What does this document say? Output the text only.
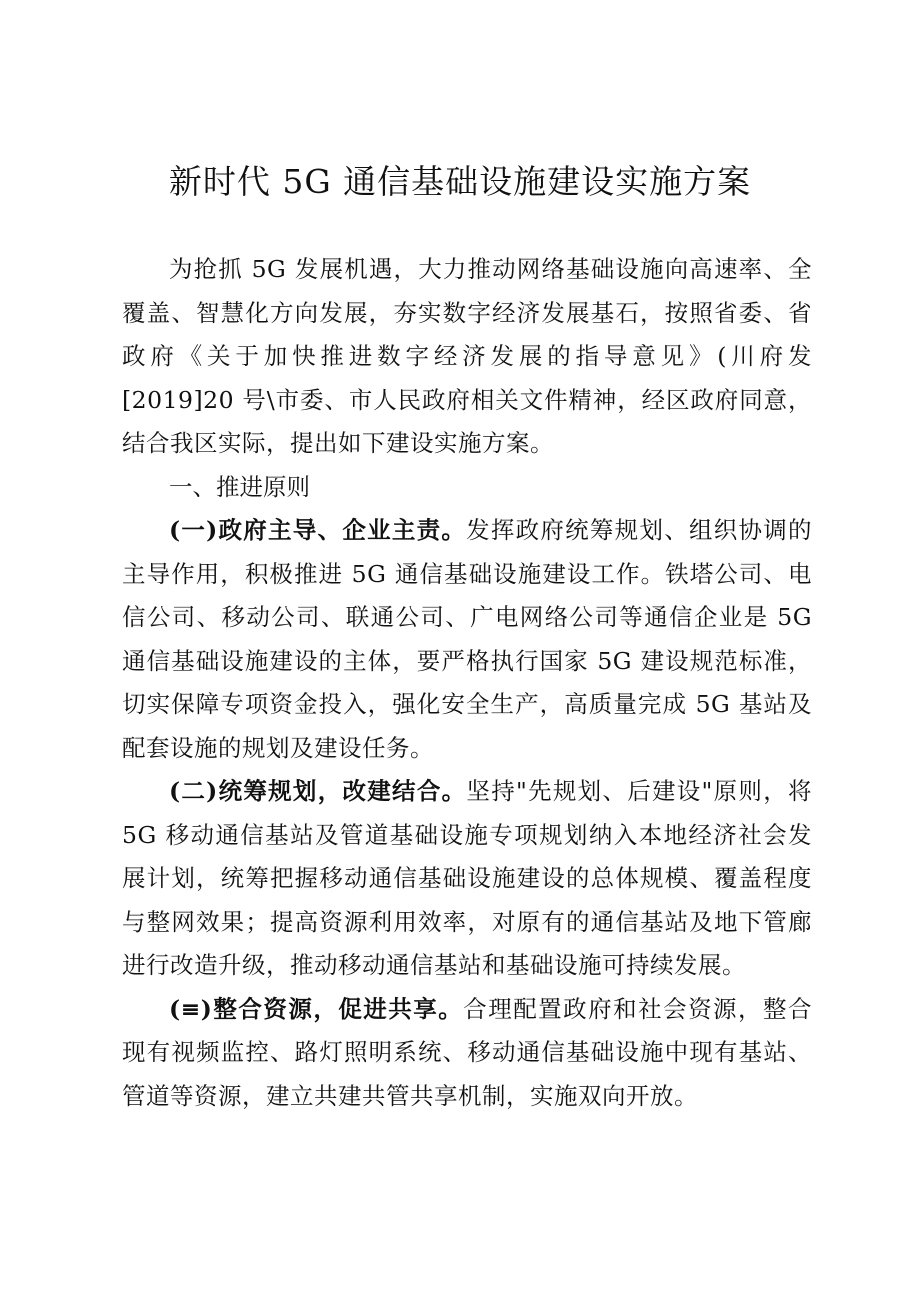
新时代 5G 通信基础设施建设实施方案

为抢抓 5G 发展机遇，大力推动网络基础设施向高速率、全覆盖、智慧化方向发展，夯实数字经济发展基石，按照省委、省政府《关于加快推进数字经济发展的指导意见》(川府发[2019]20 号\市委、市人民政府相关文件精神，经区政府同意，结合我区实际，提出如下建设实施方案。

一、推进原则

(一)政府主导、企业主责。发挥政府统筹规划、组织协调的主导作用，积极推进 5G 通信基础设施建设工作。铁塔公司、电信公司、移动公司、联通公司、广电网络公司等通信企业是 5G 通信基础设施建设的主体，要严格执行国家 5G 建设规范标准，切实保障专项资金投入，强化安全生产，高质量完成 5G 基站及配套设施的规划及建设任务。

(二)统筹规划，改建结合。坚持"先规划、后建设"原则，将 5G 移动通信基站及管道基础设施专项规划纳入本地经济社会发展计划，统筹把握移动通信基础设施建设的总体规模、覆盖程度与整网效果；提高资源利用效率，对原有的通信基站及地下管廊进行改造升级，推动移动通信基站和基础设施可持续发展。

(≡)整合资源，促进共享。合理配置政府和社会资源，整合现有视频监控、路灯照明系统、移动通信基础设施中现有基站、管道等资源，建立共建共管共享机制，实施双向开放。
